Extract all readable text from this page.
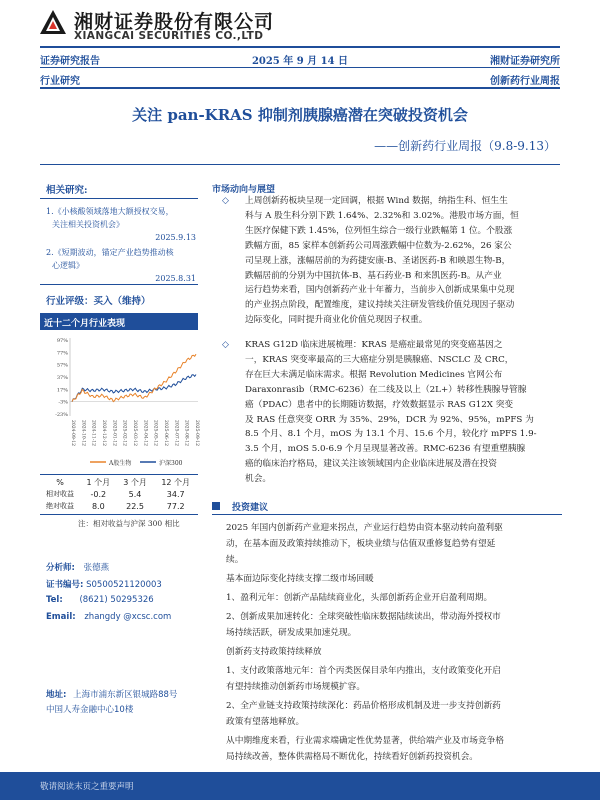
湘财证券股份有限公司
XIANGCAI SECURITIES CO.,LTD
证券研究报告	2025 年 9 月 14 日	湘财证券研究所
行业研究	创新药行业周报
关注 pan-KRAS 抑制剂胰腺癌潜在突破投资机会
——创新药行业周报（9.8-9.13）
相关研究:
1.《小核酸领域落地大额授权交易，
关注相关投资机会》
2025.9.13
2.《短期波动，锚定产业趋势推动核
心逻辑》
2025.8.31
行业评级：买入（维持）
近十二个月行业表现
97%
77%
57%
37%
17%
-3%
-23%
2024-09-12 2024-10-12 2024-11-12 2024-12-12 2025-01-12 2025-02-12 2025-03-12 2025-04-12 2025-05-12 2025-06-12 2025-07-12 2025-08-12 2025-09-12
A股生物	沪深300
%	1 个月	3 个月	12 个月
相对收益	-0.2	5.4	34.7
绝对收益	8.0	22.5	77.2
注：相对收益与沪深 300 相比
分析师: 张德燕
证书编号: S0500521120003
Tel: (8621) 50295326
Email: zhangdy @xcsc.com
地址: 上海市浦东新区银城路88号
中国人寿金融中心10楼
市场动向与展望
◇ 上周创新药板块呈现一定回调，根据 Wind 数据，纳指生科、恒生生
科与 A 股生科分别下跌 1.64%、2.32%和 3.02%。港股市场方面，恒
生医疗保健下跌 1.45%，位列恒生综合一级行业跌幅第 1 位。个股涨
跌幅方面，85 家样本创新药公司周涨跌幅中位数为-2.62%，26 家公
司呈现上涨，涨幅居前的为药捷安康-B、圣诺医药-B 和映恩生物-B，
跌幅居前的分别为中国抗体-B、基石药业-B 和来凯医药-B。从产业
运行趋势来看，国内创新药产业十年蓄力，当前步入创新成果集中兑现
的产业拐点阶段，配置维度，建议持续关注研发管线价值兑现因子驱动
边际变化，同时提升商业化价值兑现因子权重。
◇ KRAS G12D 临床进展梳理：KRAS 是癌症最常见的突变癌基因之
一，KRAS 突变率最高的三大癌症分别是胰腺癌、NSCLC 及 CRC，
存在巨大未满足临床需求。根据 Revolution Medicines 官网公布
Daraxonrasib（RMC-6236）在二线及以上（2L+）转移性胰腺导管腺
癌（PDAC）患者中的长期随访数据，疗效数据显示 RAS G12X 突变
及 RAS 任意突变 ORR 为 35%、29%，DCR 为 92%、95%，mPFS 为
8.5 个月、8.1 个月，mOS 为 13.1 个月、15.6 个月，较化疗 mPFS 1.9-
3.5 个月，mOS 5.0-6.9 个月呈现显著改善。RMC-6236 有望重塑胰腺
癌的临床治疗格局，建议关注该领域国内企业临床进展及潜在投资
机会。
投资建议
2025 年国内创新药产业迎来拐点，产业运行趋势由资本驱动转向盈利驱
动，在基本面及政策持续推动下，板块业绩与估值双重修复趋势有望延
续。
基本面边际变化持续支撑二级市场回暖
1、盈利元年：创新产品陆续商业化，头部创新药企业开启盈利周期。
2、创新成果加速转化：全球突破性临床数据陆续读出，带动海外授权市
场持续活跃，研发成果加速兑现。
创新药支持政策持续释放
1、支付政策落地元年：首个丙类医保目录年内推出，支付政策变化开启
有望持续推动创新药市场规模扩容。
2、全产业链支持政策持续深化：药品价格形成机制及进一步支持创新药
政策有望落地释放。
从中期维度来看，行业需求端确定性优势显著，供给端产业及市场竞争格
局持续改善，整体供需格局不断优化，持续看好创新药投资机会。
敬请阅读末页之重要声明
